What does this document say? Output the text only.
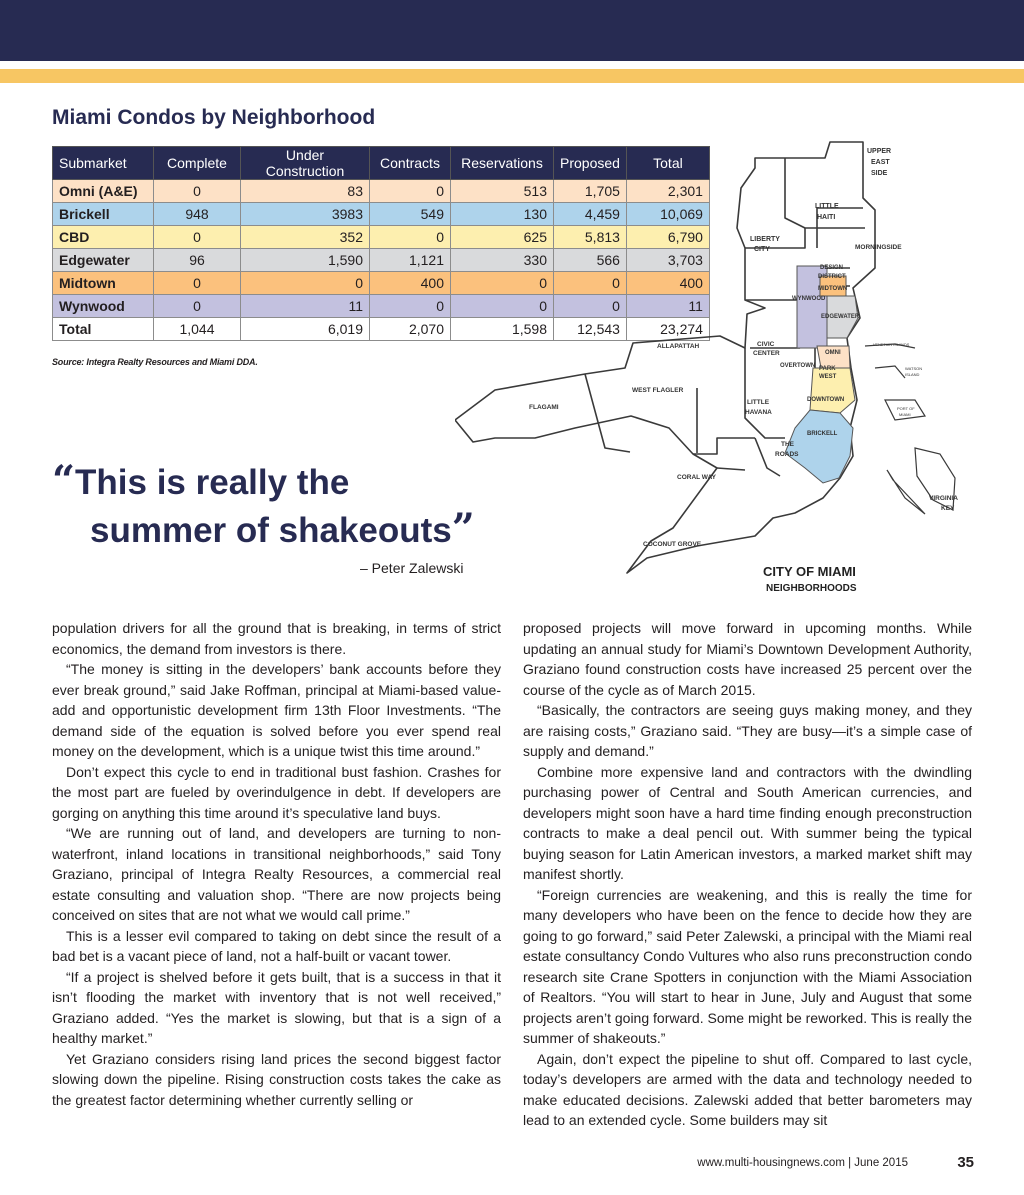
Miami Condos by Neighborhood
Submarket	Complete	Under Construction	Contracts	Reservations	Proposed	Total
Omni (A&E)	0	83	0	513	1,705	2,301
Brickell	948	3983	549	130	4,459	10,069
CBD	0	352	0	625	5,813	6,790
Edgewater	96	1,590	1,121	330	566	3,703
Midtown	0	0	400	0	0	400
Wynwood	0	11	0	0	0	11
Total	1,044	6,019	2,070	1,598	12,543	23,274
Source: Integra Realty Resources and Miami DDA.
UPPER
EAST
SIDE
LITTLE
HAITI
LIBERTY
CITY	MORNINGSIDE
DESIGN
DISTRICT
MIDTOWN
WYNWOOD
EDGEWATER
VENETIAN ISLANDS
ALLAPATTAH	CIVIC
CENTER
OVERTOWN
OMNI
PARK
WEST
WATSON
ISLAND
WEST FLAGLER
FLAGAMI
LITTLE
HAVANA
DOWNTOWN
PORT OF
MIAMI
BRICKELL
THE
ROADS
CORAL WAY
VIRGINIA
KEY
COCONUT GROVE
CITY OF MIAMI
NEIGHBORHOODS
“This is really the
summer of shakeouts”
– Peter Zalewski

population drivers for all the ground that is breaking, in terms of strict economics, the demand from investors is there.

“The money is sitting in the developers’ bank accounts before they ever break ground,” said Jake Roffman, principal at Miami-based value-add and opportunistic development firm 13th Floor Investments. “The demand side of the equation is solved before you ever spend real money on the development, which is a unique twist this time around.”

Don’t expect this cycle to end in traditional bust fashion. Crashes for the most part are fueled by overindulgence in debt. If developers are gorging on anything this time around it’s speculative land buys.

“We are running out of land, and developers are turning to non-waterfront, inland locations in transitional neighborhoods,” said Tony Graziano, principal of Integra Realty Resources, a commercial real estate consulting and valuation shop. “There are now projects being conceived on sites that are not what we would call prime.”

This is a lesser evil compared to taking on debt since the result of a bad bet is a vacant piece of land, not a half-built or vacant tower.

“If a project is shelved before it gets built, that is a success in that it isn’t flooding the market with inventory that is not well received,” Graziano added. “Yes the market is slowing, but that is a sign of a healthy market.”

Yet Graziano considers rising land prices the second biggest factor slowing down the pipeline. Rising construction costs takes the cake as the greatest factor determining whether currently selling or

proposed projects will move forward in upcoming months. While updating an annual study for Miami’s Downtown Development Authority, Graziano found construction costs have increased 25 percent over the course of the cycle as of March 2015.

“Basically, the contractors are seeing guys making money, and they are raising costs,” Graziano said. “They are busy—it’s a simple case of supply and demand.”

Combine more expensive land and contractors with the dwindling purchasing power of Central and South American currencies, and developers might soon have a hard time finding enough preconstruction contracts to make a deal pencil out. With summer being the typical buying season for Latin American investors, a marked market shift may manifest shortly.

“Foreign currencies are weakening, and this is really the time for many developers who have been on the fence to decide how they are going to go forward,” said Peter Zalewski, a principal with the Miami real estate consultancy Condo Vultures who also runs preconstruction condo research site Crane Spotters in conjunction with the Miami Association of Realtors. “You will start to hear in June, July and August that some projects aren’t going forward. Some might be reworked. This is really the summer of shakeouts.”

Again, don’t expect the pipeline to shut off. Compared to last cycle, today’s developers are armed with the data and technology needed to make educated decisions. Zalewski added that better barometers may lead to an extended cycle. Some builders may sit

www.multi-housingnews.com | June 2015	35
